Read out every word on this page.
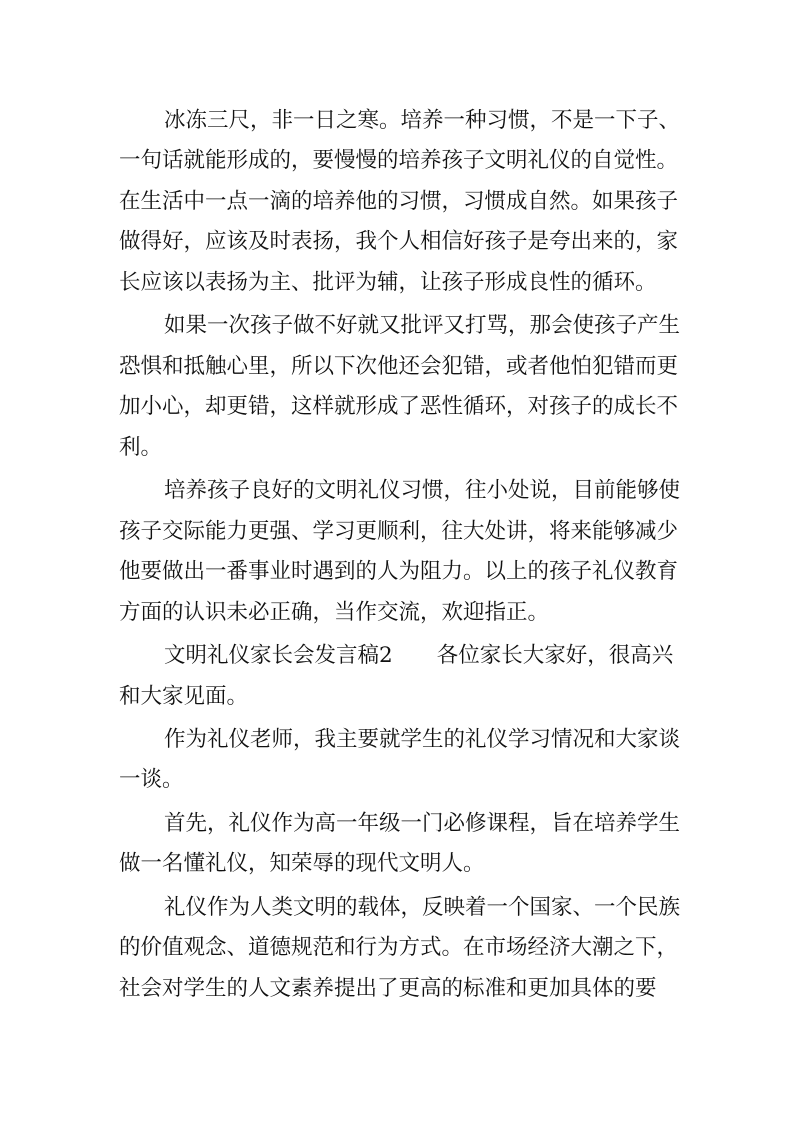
冰冻三尺，非一日之寒。培养一种习惯，不是一下子、

一句话就能形成的，要慢慢的培养孩子文明礼仪的自觉性。

在生活中一点一滴的培养他的习惯，习惯成自然。如果孩子

做得好，应该及时表扬，我个人相信好孩子是夸出来的，家

长应该以表扬为主、批评为辅，让孩子形成良性的循环。

如果一次孩子做不好就又批评又打骂，那会使孩子产生

恐惧和抵触心里，所以下次他还会犯错，或者他怕犯错而更

加小心，却更错，这样就形成了恶性循环，对孩子的成长不

利。

培养孩子良好的文明礼仪习惯，往小处说，目前能够使

孩子交际能力更强、学习更顺利，往大处讲，将来能够减少

他要做出一番事业时遇到的人为阻力。以上的孩子礼仪教育

方面的认识未必正确，当作交流，欢迎指正。

文明礼仪家长会发言稿2 各位家长大家好，很高兴

和大家见面。

作为礼仪老师，我主要就学生的礼仪学习情况和大家谈

一谈。

首先，礼仪作为高一年级一门必修课程，旨在培养学生

做一名懂礼仪，知荣辱的现代文明人。

礼仪作为人类文明的载体，反映着一个国家、一个民族

的价值观念、道德规范和行为方式。在市场经济大潮之下，

社会对学生的人文素养提出了更高的标准和更加具体的要
